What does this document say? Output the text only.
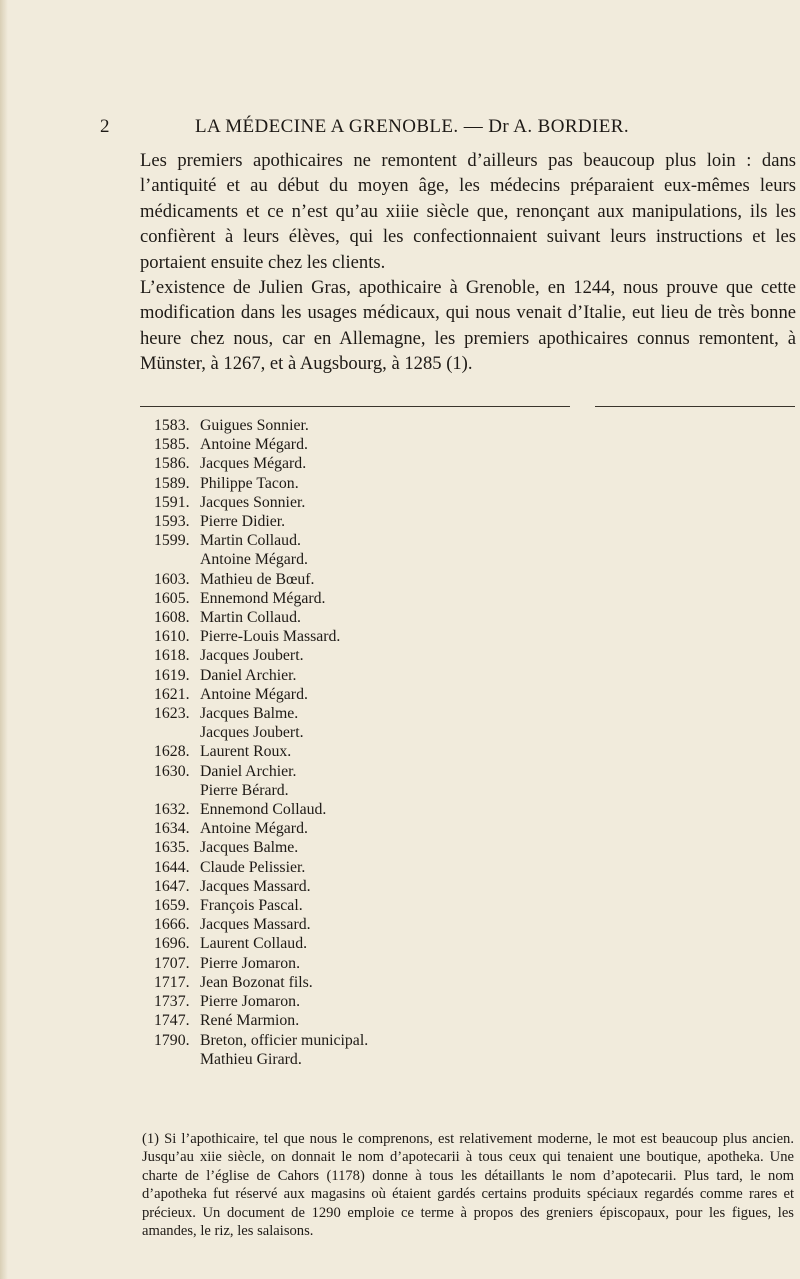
2	LA MÉDECINE A GRENOBLE. — Dr A. BORDIER.

Les premiers apothicaires ne remontent d’ailleurs pas beaucoup plus loin : dans l’antiquité et au début du moyen âge, les médecins préparaient eux-mêmes leurs médicaments et ce n’est qu’au xiiie siècle que, renonçant aux manipulations, ils les confièrent à leurs élèves, qui les confectionnaient suivant leurs instructions et les portaient ensuite chez les clients.

L’existence de Julien Gras, apothicaire à Grenoble, en 1244, nous prouve que cette modification dans les usages médicaux, qui nous venait d’Italie, eut lieu de très bonne heure chez nous, car en Allemagne, les premiers apothicaires connus remontent, à Münster, à 1267, et à Augsbourg, à 1285 (1).

1583. Guigues Sonnier.
1585. Antoine Mégard.
1586. Jacques Mégard.
1589. Philippe Tacon.
1591. Jacques Sonnier.
1593. Pierre Didier.
1599. Martin Collaud.
Antoine Mégard.
1603. Mathieu de Bœuf.
1605. Ennemond Mégard.
1608. Martin Collaud.
1610. Pierre-Louis Massard.
1618. Jacques Joubert.
1619. Daniel Archier.
1621. Antoine Mégard.
1623. Jacques Balme.
Jacques Joubert.
1628. Laurent Roux.
1630. Daniel Archier.
Pierre Bérard.
1632. Ennemond Collaud.
1634. Antoine Mégard.
1635. Jacques Balme.
1644. Claude Pelissier.
1647. Jacques Massard.
1659. François Pascal.
1666. Jacques Massard.
1696. Laurent Collaud.
1707. Pierre Jomaron.
1717. Jean Bozonat fils.
1737. Pierre Jomaron.
1747. René Marmion.
1790. Breton, officier municipal.
Mathieu Girard.

(1) Si l’apothicaire, tel que nous le comprenons, est relativement moderne, le mot est beaucoup plus ancien. Jusqu’au xiie siècle, on donnait le nom d’apotecarii à tous ceux qui tenaient une boutique, apotheka. Une charte de l’église de Cahors (1178) donne à tous les détaillants le nom d’apotecarii. Plus tard, le nom d’apotheka fut réservé aux magasins où étaient gardés certains produits spéciaux regardés comme rares et précieux. Un document de 1290 emploie ce terme à propos des greniers épiscopaux, pour les figues, les amandes, le riz, les salaisons.
